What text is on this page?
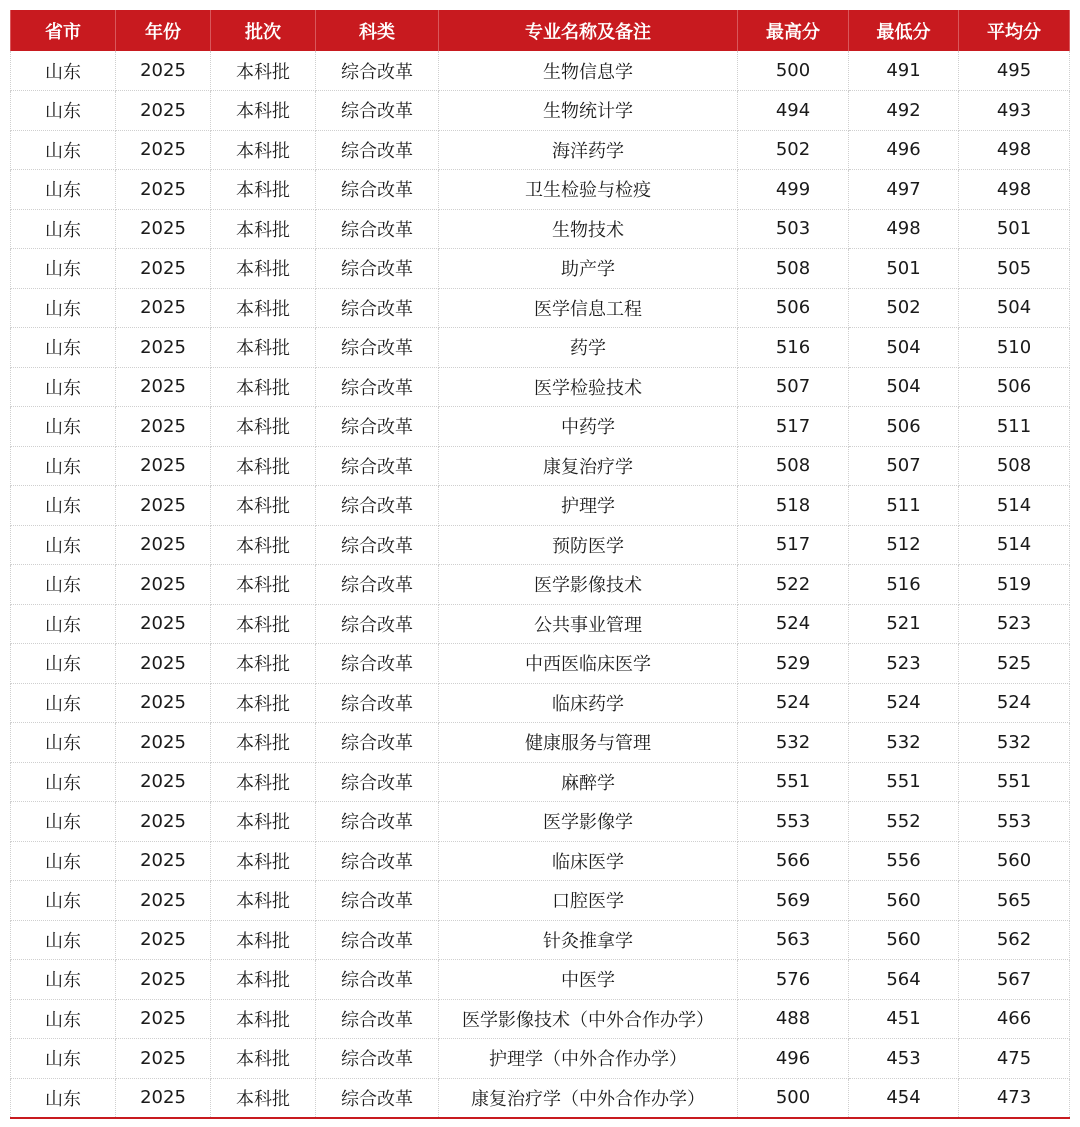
省市	年份	批次	科类	专业名称及备注	最高分	最低分	平均分
山东	2025	本科批	综合改革	生物信息学	500	491	495
山东	2025	本科批	综合改革	生物统计学	494	492	493
山东	2025	本科批	综合改革	海洋药学	502	496	498
山东	2025	本科批	综合改革	卫生检验与检疫	499	497	498
山东	2025	本科批	综合改革	生物技术	503	498	501
山东	2025	本科批	综合改革	助产学	508	501	505
山东	2025	本科批	综合改革	医学信息工程	506	502	504
山东	2025	本科批	综合改革	药学	516	504	510
山东	2025	本科批	综合改革	医学检验技术	507	504	506
山东	2025	本科批	综合改革	中药学	517	506	511
山东	2025	本科批	综合改革	康复治疗学	508	507	508
山东	2025	本科批	综合改革	护理学	518	511	514
山东	2025	本科批	综合改革	预防医学	517	512	514
山东	2025	本科批	综合改革	医学影像技术	522	516	519
山东	2025	本科批	综合改革	公共事业管理	524	521	523
山东	2025	本科批	综合改革	中西医临床医学	529	523	525
山东	2025	本科批	综合改革	临床药学	524	524	524
山东	2025	本科批	综合改革	健康服务与管理	532	532	532
山东	2025	本科批	综合改革	麻醉学	551	551	551
山东	2025	本科批	综合改革	医学影像学	553	552	553
山东	2025	本科批	综合改革	临床医学	566	556	560
山东	2025	本科批	综合改革	口腔医学	569	560	565
山东	2025	本科批	综合改革	针灸推拿学	563	560	562
山东	2025	本科批	综合改革	中医学	576	564	567
山东	2025	本科批	综合改革	医学影像技术（中外合作办学）	488	451	466
山东	2025	本科批	综合改革	护理学（中外合作办学）	496	453	475
山东	2025	本科批	综合改革	康复治疗学（中外合作办学）	500	454	473
